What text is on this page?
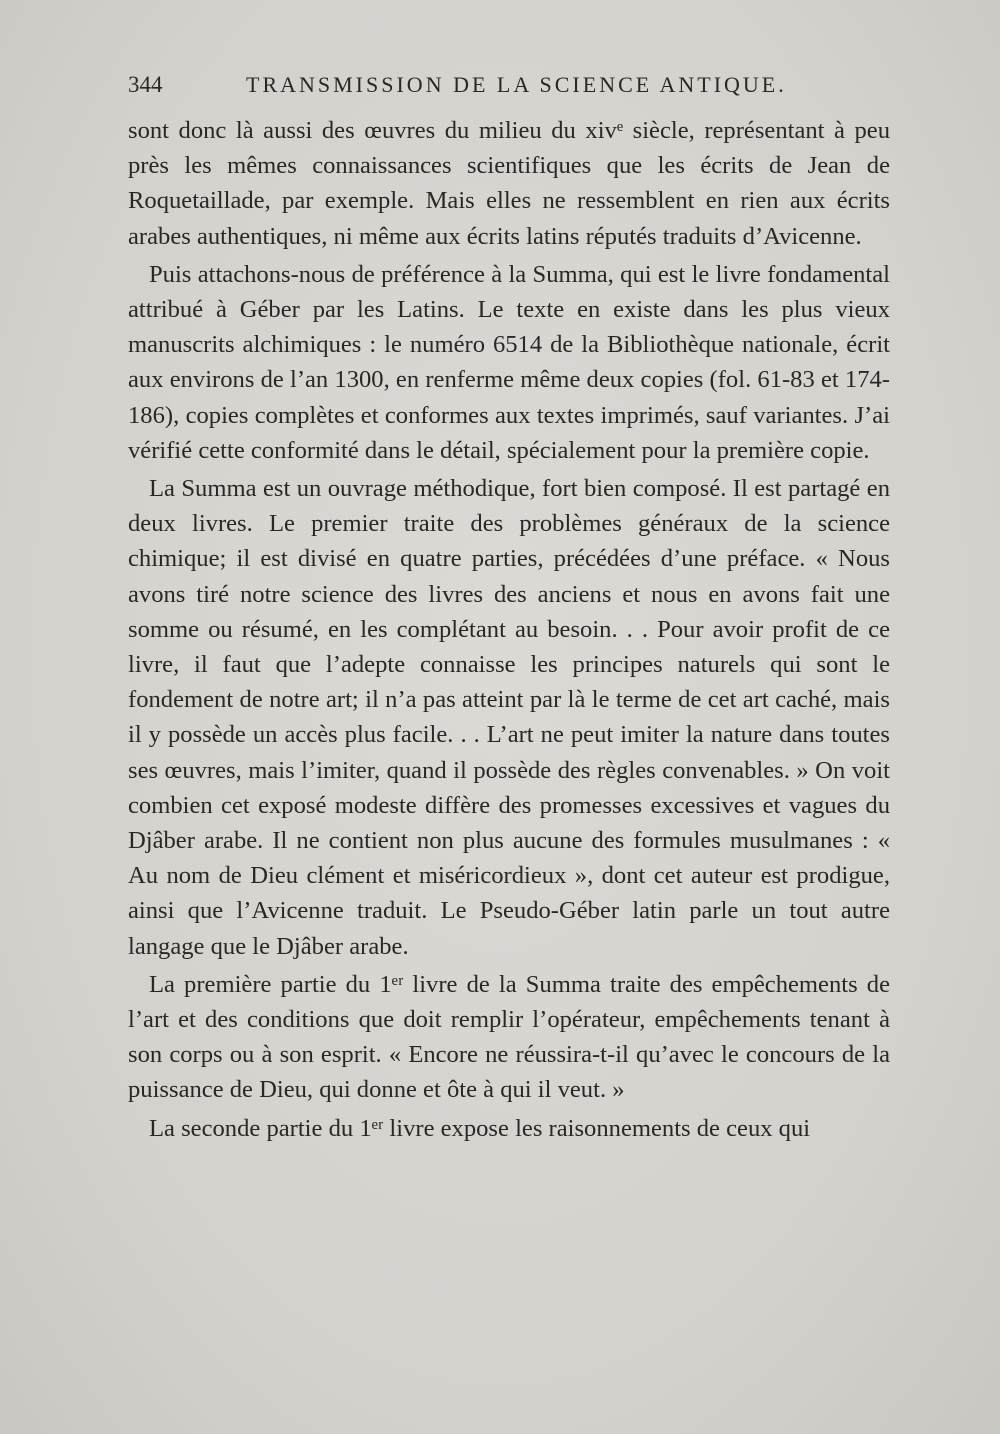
344	TRANSMISSION DE LA SCIENCE ANTIQUE.

sont donc là aussi des œuvres du milieu du xivᵉ siècle, représentant à peu près les mêmes connaissances scientifiques que les écrits de Jean de Roquetaillade, par exemple. Mais elles ne ressemblent en rien aux écrits arabes authentiques, ni même aux écrits latins réputés traduits d’Avicenne.

Puis attachons-nous de préférence à la Summa, qui est le livre fondamental attribué à Géber par les Latins. Le texte en existe dans les plus vieux manuscrits alchimiques : le numéro 6514 de la Bibliothèque nationale, écrit aux environs de l’an 1300, en renferme même deux copies (fol. 61-83 et 174-186), copies complètes et conformes aux textes imprimés, sauf variantes. J’ai vérifié cette conformité dans le détail, spécialement pour la première copie.

La Summa est un ouvrage méthodique, fort bien composé. Il est partagé en deux livres. Le premier traite des problèmes généraux de la science chimique; il est divisé en quatre parties, précédées d’une préface. « Nous avons tiré notre science des livres des anciens et nous en avons fait une somme ou résumé, en les complétant au besoin. . . Pour avoir profit de ce livre, il faut que l’adepte connaisse les principes naturels qui sont le fondement de notre art; il n’a pas atteint par là le terme de cet art caché, mais il y possède un accès plus facile. . . L’art ne peut imiter la nature dans toutes ses œuvres, mais l’imiter, quand il possède des règles convenables. » On voit combien cet exposé modeste diffère des promesses excessives et vagues du Djâber arabe. Il ne contient non plus aucune des formules musulmanes : « Au nom de Dieu clément et miséricordieux », dont cet auteur est prodigue, ainsi que l’Avicenne traduit. Le Pseudo-Géber latin parle un tout autre langage que le Djâber arabe.

La première partie du 1ᵉʳ livre de la Summa traite des empêchements de l’art et des conditions que doit remplir l’opérateur, empêchements tenant à son corps ou à son esprit. « Encore ne réussira-t-il qu’avec le concours de la puissance de Dieu, qui donne et ôte à qui il veut. »

La seconde partie du 1ᵉʳ livre expose les raisonnements de ceux qui
